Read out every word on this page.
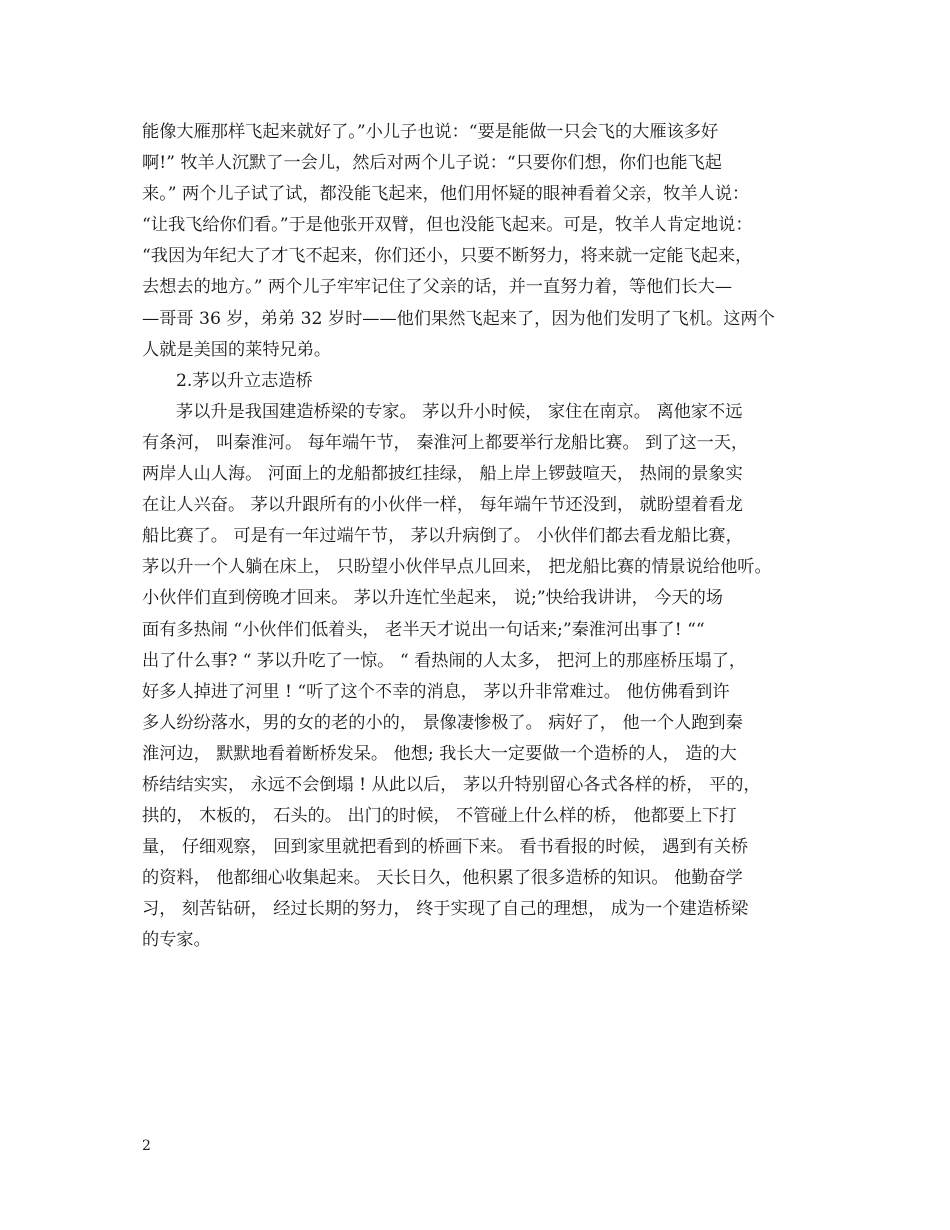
能像大雁那样飞起来就好了。”小儿子也说：“要是能做一只会飞的大雁该多好
啊!” 牧羊人沉默了一会儿，然后对两个儿子说：“只要你们想，你们也能飞起
来。” 两个儿子试了试，都没能飞起来，他们用怀疑的眼神看着父亲，牧羊人说：
“让我飞给你们看。”于是他张开双臂，但也没能飞起来。可是，牧羊人肯定地说：
“我因为年纪大了才飞不起来，你们还小，只要不断努力，将来就一定能飞起来，
去想去的地方。” 两个儿子牢牢记住了父亲的话，并一直努力着，等他们长大—
—哥哥 36 岁，弟弟 32 岁时——他们果然飞起来了，因为他们发明了飞机。这两个
人就是美国的莱特兄弟。
2.茅以升立志造桥
茅以升是我国建造桥梁的专家。 茅以升小时候， 家住在南京。 离他家不远
有条河， 叫秦淮河。 每年端午节， 秦淮河上都要举行龙船比赛。 到了这一天，
两岸人山人海。 河面上的龙船都披红挂绿， 船上岸上锣鼓喧天， 热闹的景象实
在让人兴奋。 茅以升跟所有的小伙伴一样， 每年端午节还没到， 就盼望着看龙
船比赛了。 可是有一年过端午节， 茅以升病倒了。 小伙伴们都去看龙船比赛，
茅以升一个人躺在床上， 只盼望小伙伴早点儿回来， 把龙船比赛的情景说给他听。
小伙伴们直到傍晚才回来。 茅以升连忙坐起来， 说;”快给我讲讲， 今天的场
面有多热闹 “小伙伴们低着头， 老半天才说出一句话来;”秦淮河出事了! ““
出了什么事? “ 茅以升吃了一惊。 “ 看热闹的人太多， 把河上的那座桥压塌了，
好多人掉进了河里 ! “听了这个不幸的消息， 茅以升非常难过。 他仿佛看到许
多人纷纷落水，男的女的老的小的， 景像凄惨极了。 病好了， 他一个人跑到秦
淮河边， 默默地看着断桥发呆。 他想; 我长大一定要做一个造桥的人， 造的大
桥结结实实， 永远不会倒塌 ! 从此以后， 茅以升特别留心各式各样的桥， 平的，
拱的， 木板的， 石头的。 出门的时候， 不管碰上什么样的桥， 他都要上下打
量， 仔细观察， 回到家里就把看到的桥画下来。 看书看报的时候， 遇到有关桥
的资料， 他都细心收集起来。 天长日久，他积累了很多造桥的知识。 他勤奋学
习， 刻苦钻研， 经过长期的努力， 终于实现了自己的理想， 成为一个建造桥梁
的专家。
2
